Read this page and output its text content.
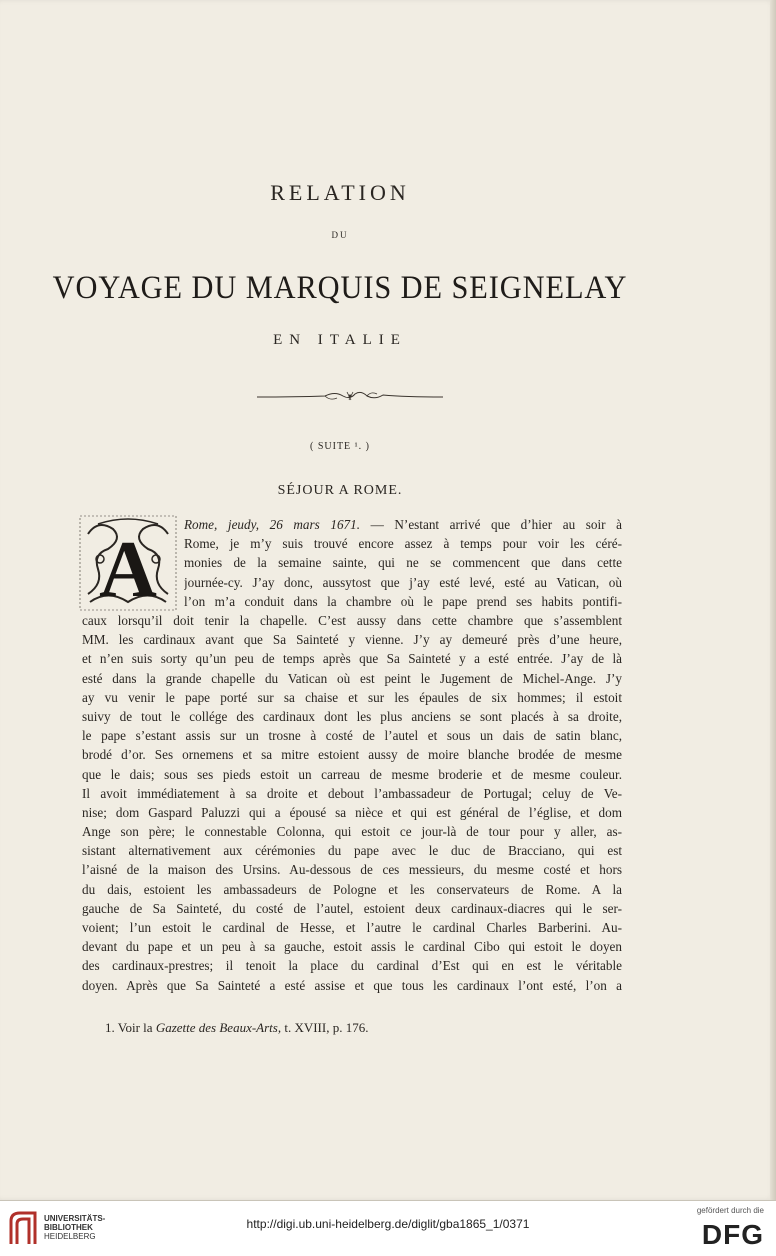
RELATION
DU
VOYAGE DU MARQUIS DE SEIGNELAY
EN ITALIE
( SUITE ¹. )
SÉJOUR A ROME.
A
Rome, jeudy, 26 mars 1671. — N’estant arrivé que d’hier au soir à
Rome, je m’y suis trouvé encore assez à temps pour voir les céré-
monies de la semaine sainte, qui ne se commencent que dans cette
journée-cy. J’ay donc, aussytost que j’ay esté levé, esté au Vatican, où
l’on m’a conduit dans la chambre où le pape prend ses habits pontifi-
caux lorsqu’il doit tenir la chapelle. C’est aussy dans cette chambre que s’assemblent
MM. les cardinaux avant que Sa Sainteté y vienne. J’y ay demeuré près d’une heure,
et n’en suis sorty qu’un peu de temps après que Sa Sainteté y a esté entrée. J’ay de là
esté dans la grande chapelle du Vatican où est peint le Jugement de Michel-Ange. J’y
ay vu venir le pape porté sur sa chaise et sur les épaules de six hommes; il estoit
suivy de tout le collége des cardinaux dont les plus anciens se sont placés à sa droite,
le pape s’estant assis sur un trosne à costé de l’autel et sous un dais de satin blanc,
brodé d’or. Ses ornemens et sa mitre estoient aussy de moire blanche brodée de mesme
que le dais; sous ses pieds estoit un carreau de mesme broderie et de mesme couleur.
Il avoit immédiatement à sa droite et debout l’ambassadeur de Portugal; celuy de Ve-
nise; dom Gaspard Paluzzi qui a épousé sa nièce et qui est général de l’église, et dom
Ange son père; le connestable Colonna, qui estoit ce jour-là de tour pour y aller, as-
sistant alternativement aux cérémonies du pape avec le duc de Bracciano, qui est
l’aisné de la maison des Ursins. Au-dessous de ces messieurs, du mesme costé et hors
du dais, estoient les ambassadeurs de Pologne et les conservateurs de Rome. A la
gauche de Sa Sainteté, du costé de l’autel, estoient deux cardinaux-diacres qui le ser-
voient; l’un estoit le cardinal de Hesse, et l’autre le cardinal Charles Barberini. Au-
devant du pape et un peu à sa gauche, estoit assis le cardinal Cibo qui estoit le doyen
des cardinaux-prestres; il tenoit la place du cardinal d’Est qui en est le véritable
doyen. Après que Sa Sainteté a esté assise et que tous les cardinaux l’ont esté, l’on a
1. Voir la Gazette des Beaux-Arts, t. XVIII, p. 176.
UNIVERSITÄTS-
BIBLIOTHEK
HEIDELBERG
http://digi.ub.uni-heidelberg.de/diglit/gba1865_1/0371
gefördert durch die
DFG
